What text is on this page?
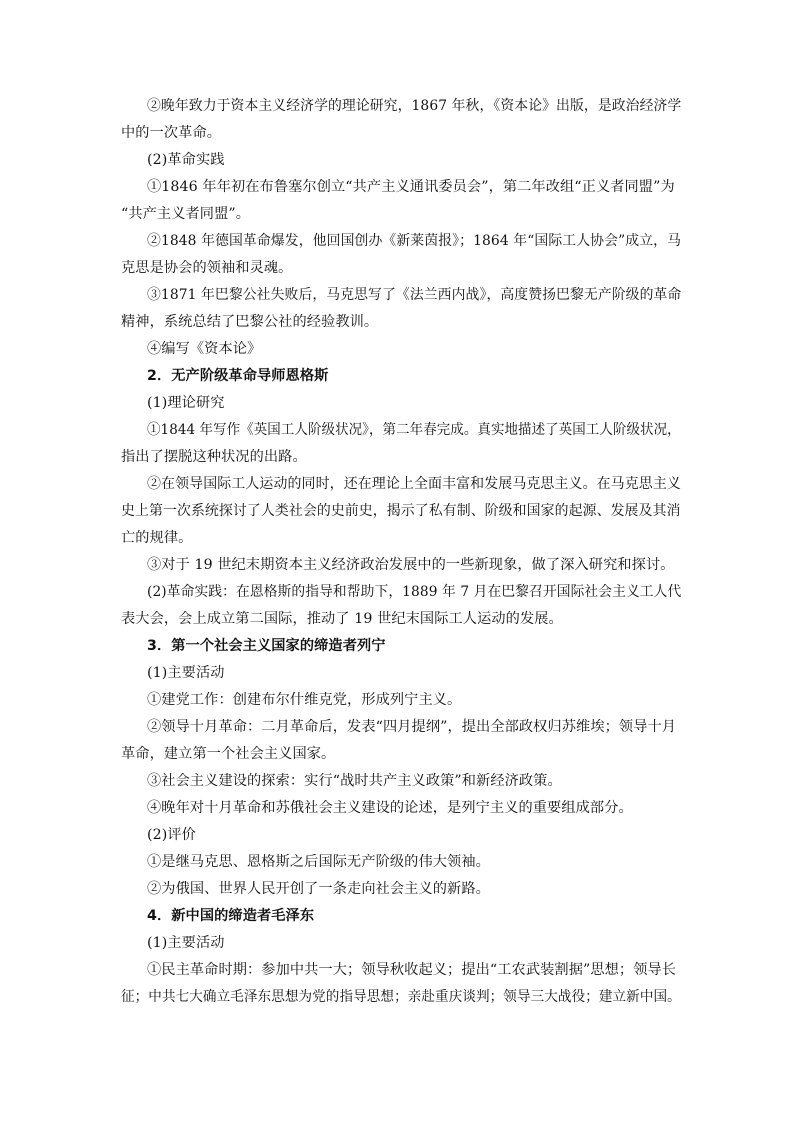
②晚年致力于资本主义经济学的理论研究，1867 年秋，《资本论》出版，是政治经济学
中的一次革命。
(2)革命实践
①1846 年年初在布鲁塞尔创立“共产主义通讯委员会”，第二年改组“正义者同盟”为
“共产主义者同盟”。
②1848 年德国革命爆发，他回国创办《新莱茵报》；1864 年“国际工人协会”成立，马
克思是协会的领袖和灵魂。
③1871 年巴黎公社失败后，马克思写了《法兰西内战》，高度赞扬巴黎无产阶级的革命
精神，系统总结了巴黎公社的经验教训。
④编写《资本论》
2．无产阶级革命导师恩格斯
(1)理论研究
①1844 年写作《英国工人阶级状况》，第二年春完成。真实地描述了英国工人阶级状况，
指出了摆脱这种状况的出路。
②在领导国际工人运动的同时，还在理论上全面丰富和发展马克思主义。在马克思主义
史上第一次系统探讨了人类社会的史前史，揭示了私有制、阶级和国家的起源、发展及其消
亡的规律。
③对于 19 世纪末期资本主义经济政治发展中的一些新现象，做了深入研究和探讨。
(2)革命实践：在恩格斯的指导和帮助下，1889 年 7 月在巴黎召开国际社会主义工人代
表大会，会上成立第二国际，推动了 19 世纪末国际工人运动的发展。
3．第一个社会主义国家的缔造者列宁
(1)主要活动
①建党工作：创建布尔什维克党，形成列宁主义。
②领导十月革命：二月革命后，发表“四月提纲”，提出全部政权归苏维埃；领导十月
革命，建立第一个社会主义国家。
③社会主义建设的探索：实行“战时共产主义政策”和新经济政策。
④晚年对十月革命和苏俄社会主义建设的论述，是列宁主义的重要组成部分。
(2)评价
①是继马克思、恩格斯之后国际无产阶级的伟大领袖。
②为俄国、世界人民开创了一条走向社会主义的新路。
4．新中国的缔造者毛泽东
(1)主要活动
①民主革命时期：参加中共一大；领导秋收起义；提出“工农武装割据”思想；领导长
征；中共七大确立毛泽东思想为党的指导思想；亲赴重庆谈判；领导三大战役；建立新中国。
